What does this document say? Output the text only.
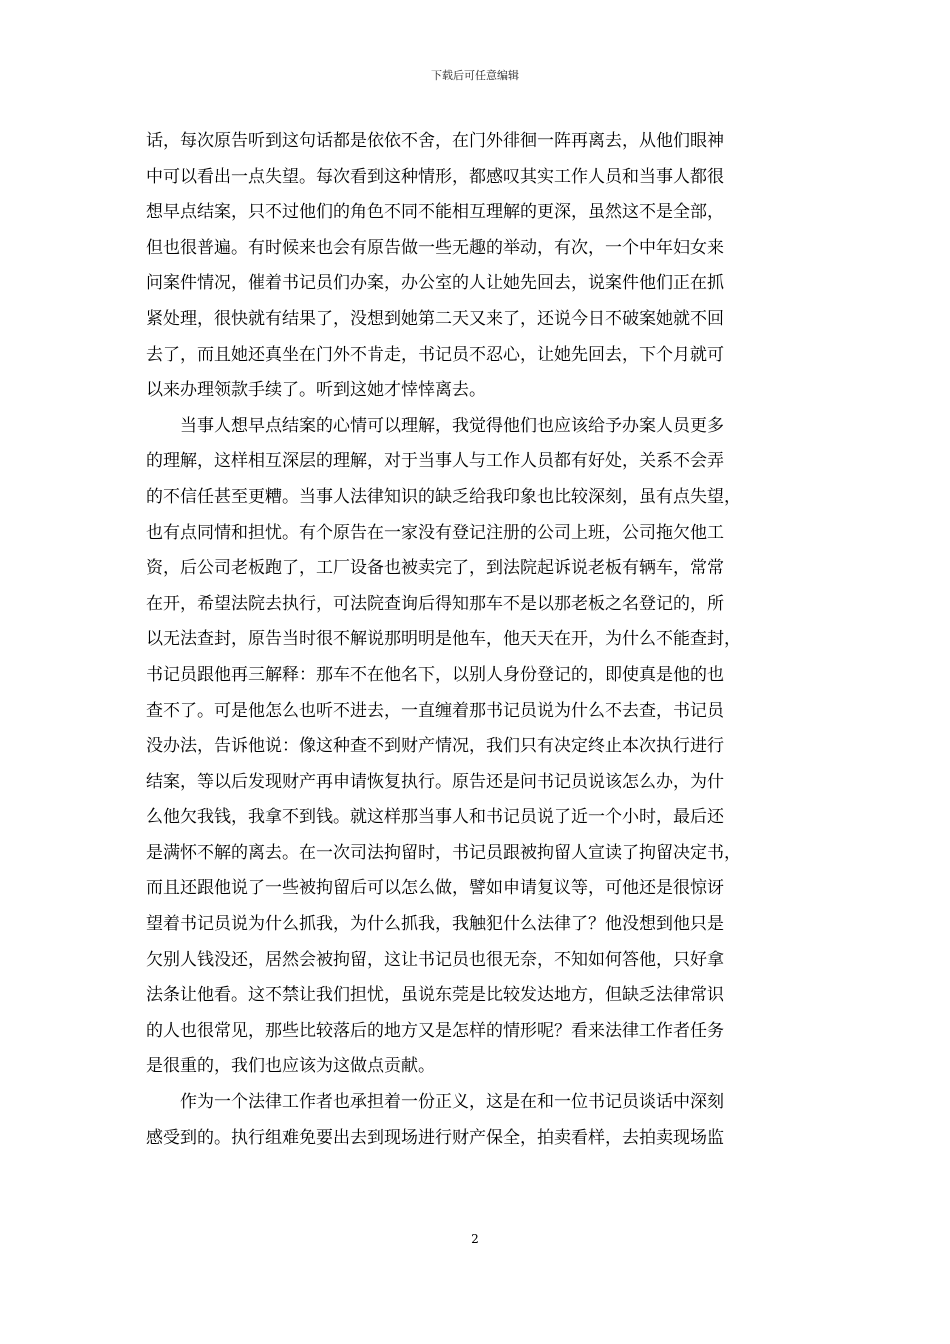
下载后可任意编辑
话，每次原告听到这句话都是依依不舍，在门外徘徊一阵再离去，从他们眼神
中可以看出一点失望。每次看到这种情形，都感叹其实工作人员和当事人都很
想早点结案，只不过他们的角色不同不能相互理解的更深，虽然这不是全部，
但也很普遍。有时候来也会有原告做一些无趣的举动，有次，一个中年妇女来
问案件情况，催着书记员们办案，办公室的人让她先回去，说案件他们正在抓
紧处理，很快就有结果了，没想到她第二天又来了，还说今日不破案她就不回
去了，而且她还真坐在门外不肯走，书记员不忍心，让她先回去，下个月就可
以来办理领款手续了。听到这她才悻悻离去。
　　当事人想早点结案的心情可以理解，我觉得他们也应该给予办案人员更多
的理解，这样相互深层的理解，对于当事人与工作人员都有好处，关系不会弄
的不信任甚至更糟。当事人法律知识的缺乏给我印象也比较深刻，虽有点失望，
也有点同情和担忧。有个原告在一家没有登记注册的公司上班，公司拖欠他工
资，后公司老板跑了，工厂设备也被卖完了，到法院起诉说老板有辆车，常常
在开，希望法院去执行，可法院查询后得知那车不是以那老板之名登记的，所
以无法查封，原告当时很不解说那明明是他车，他天天在开，为什么不能查封，
书记员跟他再三解释：那车不在他名下，以别人身份登记的，即使真是他的也
查不了。可是他怎么也听不进去，一直缠着那书记员说为什么不去查，书记员
没办法，告诉他说：像这种查不到财产情况，我们只有决定终止本次执行进行
结案，等以后发现财产再申请恢复执行。原告还是问书记员说该怎么办，为什
么他欠我钱，我拿不到钱。就这样那当事人和书记员说了近一个小时，最后还
是满怀不解的离去。在一次司法拘留时，书记员跟被拘留人宣读了拘留决定书，
而且还跟他说了一些被拘留后可以怎么做，譬如申请复议等，可他还是很惊讶
望着书记员说为什么抓我，为什么抓我，我触犯什么法律了？他没想到他只是
欠别人钱没还，居然会被拘留，这让书记员也很无奈，不知如何答他，只好拿
法条让他看。这不禁让我们担忧，虽说东莞是比较发达地方，但缺乏法律常识
的人也很常见，那些比较落后的地方又是怎样的情形呢？看来法律工作者任务
是很重的，我们也应该为这做点贡献。
　　作为一个法律工作者也承担着一份正义，这是在和一位书记员谈话中深刻
感受到的。执行组难免要出去到现场进行财产保全，拍卖看样，去拍卖现场监
2
